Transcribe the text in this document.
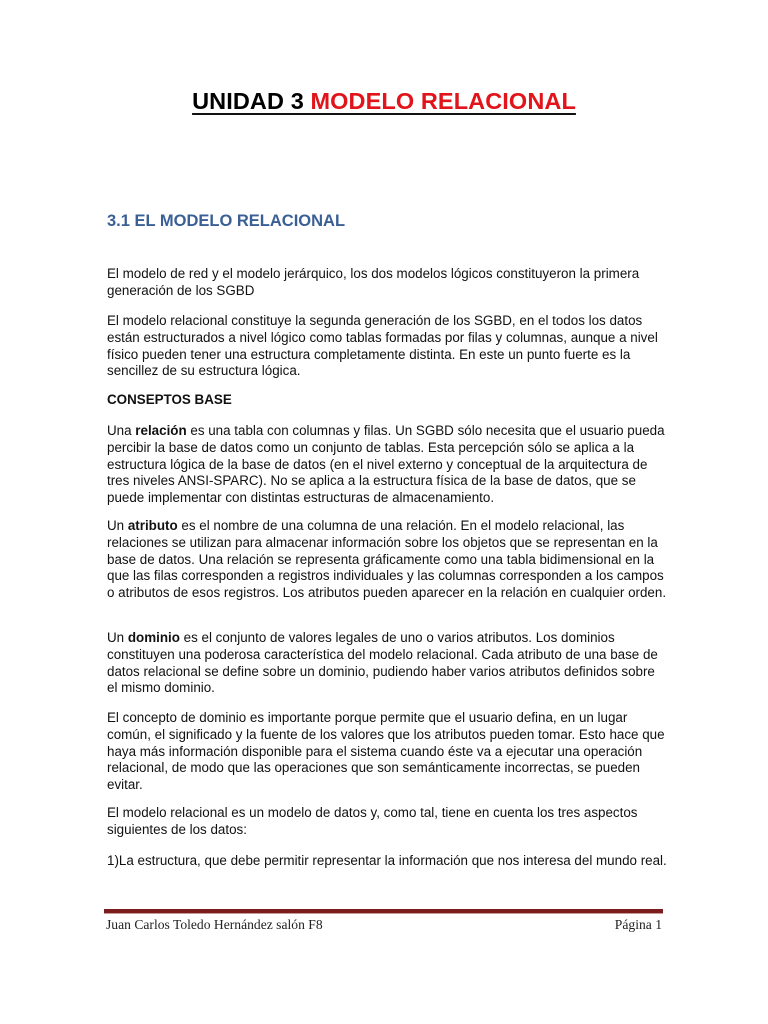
UNIDAD 3 MODELO RELACIONAL
3.1 EL MODELO RELACIONAL

El modelo de red y el modelo jerárquico, los dos modelos lógicos constituyeron la primera generación de los SGBD

El modelo relacional constituye la segunda generación de los SGBD, en el todos los datos están estructurados a nivel lógico como tablas formadas por filas y columnas, aunque a nivel físico pueden tener una estructura completamente distinta. En este un punto fuerte es la sencillez de su estructura lógica.

CONSEPTOS BASE

Una relación es una tabla con columnas y filas. Un SGBD sólo necesita que el usuario pueda percibir la base de datos como un conjunto de tablas. Esta percepción sólo se aplica a la estructura lógica de la base de datos (en el nivel externo y conceptual de la arquitectura de tres niveles ANSI-SPARC). No se aplica a la estructura física de la base de datos, que se puede implementar con distintas estructuras de almacenamiento.

Un atributo es el nombre de una columna de una relación. En el modelo relacional, las relaciones se utilizan para almacenar información sobre los objetos que se representan en la base de datos. Una relación se representa gráficamente como una tabla bidimensional en la que las filas corresponden a registros individuales y las columnas corresponden a los campos o atributos de esos registros. Los atributos pueden aparecer en la relación en cualquier orden.

Un dominio es el conjunto de valores legales de uno o varios atributos. Los dominios constituyen una poderosa característica del modelo relacional. Cada atributo de una base de datos relacional se define sobre un dominio, pudiendo haber varios atributos definidos sobre el mismo dominio.

El concepto de dominio es importante porque permite que el usuario defina, en un lugar común, el significado y la fuente de los valores que los atributos pueden tomar. Esto hace que haya más información disponible para el sistema cuando éste va a ejecutar una operación relacional, de modo que las operaciones que son semánticamente incorrectas, se pueden evitar.

El modelo relacional es un modelo de datos y, como tal, tiene en cuenta los tres aspectos siguientes de los datos:

1)La estructura, que debe permitir representar la información que nos interesa del mundo real.

Juan Carlos Toledo Hernández salón F8	Página 1
